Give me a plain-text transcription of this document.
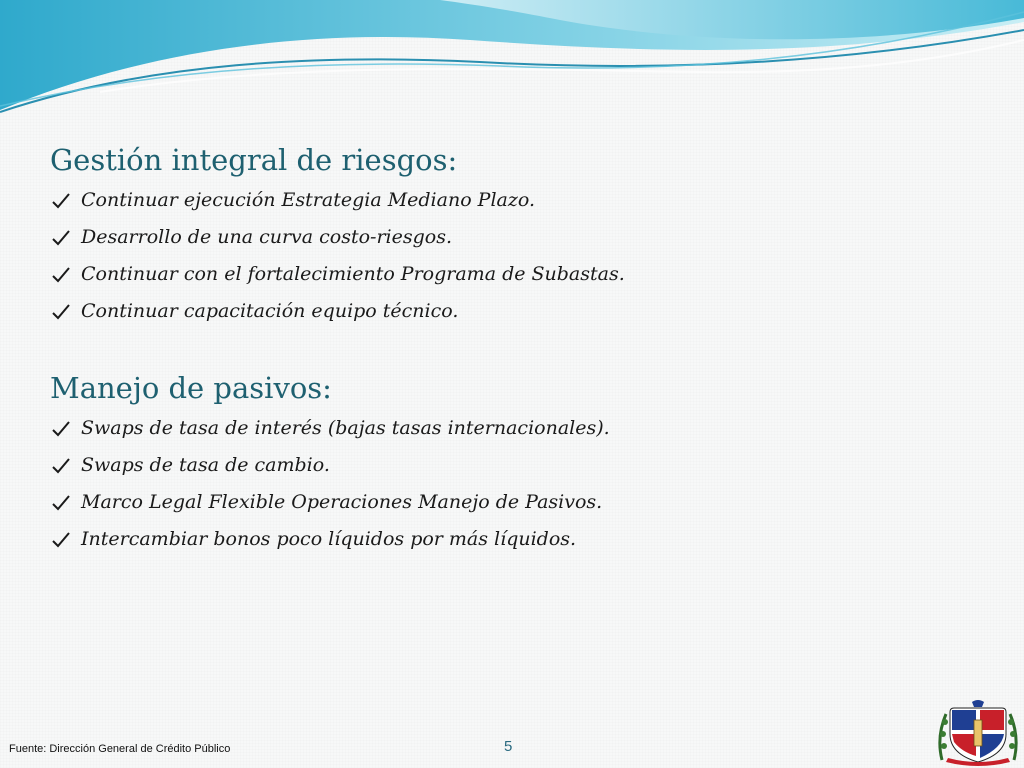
Gestión integral de riesgos:
Continuar ejecución Estrategia Mediano Plazo.
Desarrollo de una curva costo-riesgos.
Continuar con el fortalecimiento Programa de Subastas.
Continuar capacitación equipo técnico.
Manejo de pasivos:
Swaps de tasa de interés (bajas tasas internacionales).
Swaps de tasa de cambio.
Marco Legal Flexible Operaciones Manejo de Pasivos.
Intercambiar bonos poco líquidos por más líquidos.
Fuente: Dirección General de Crédito Público	5
